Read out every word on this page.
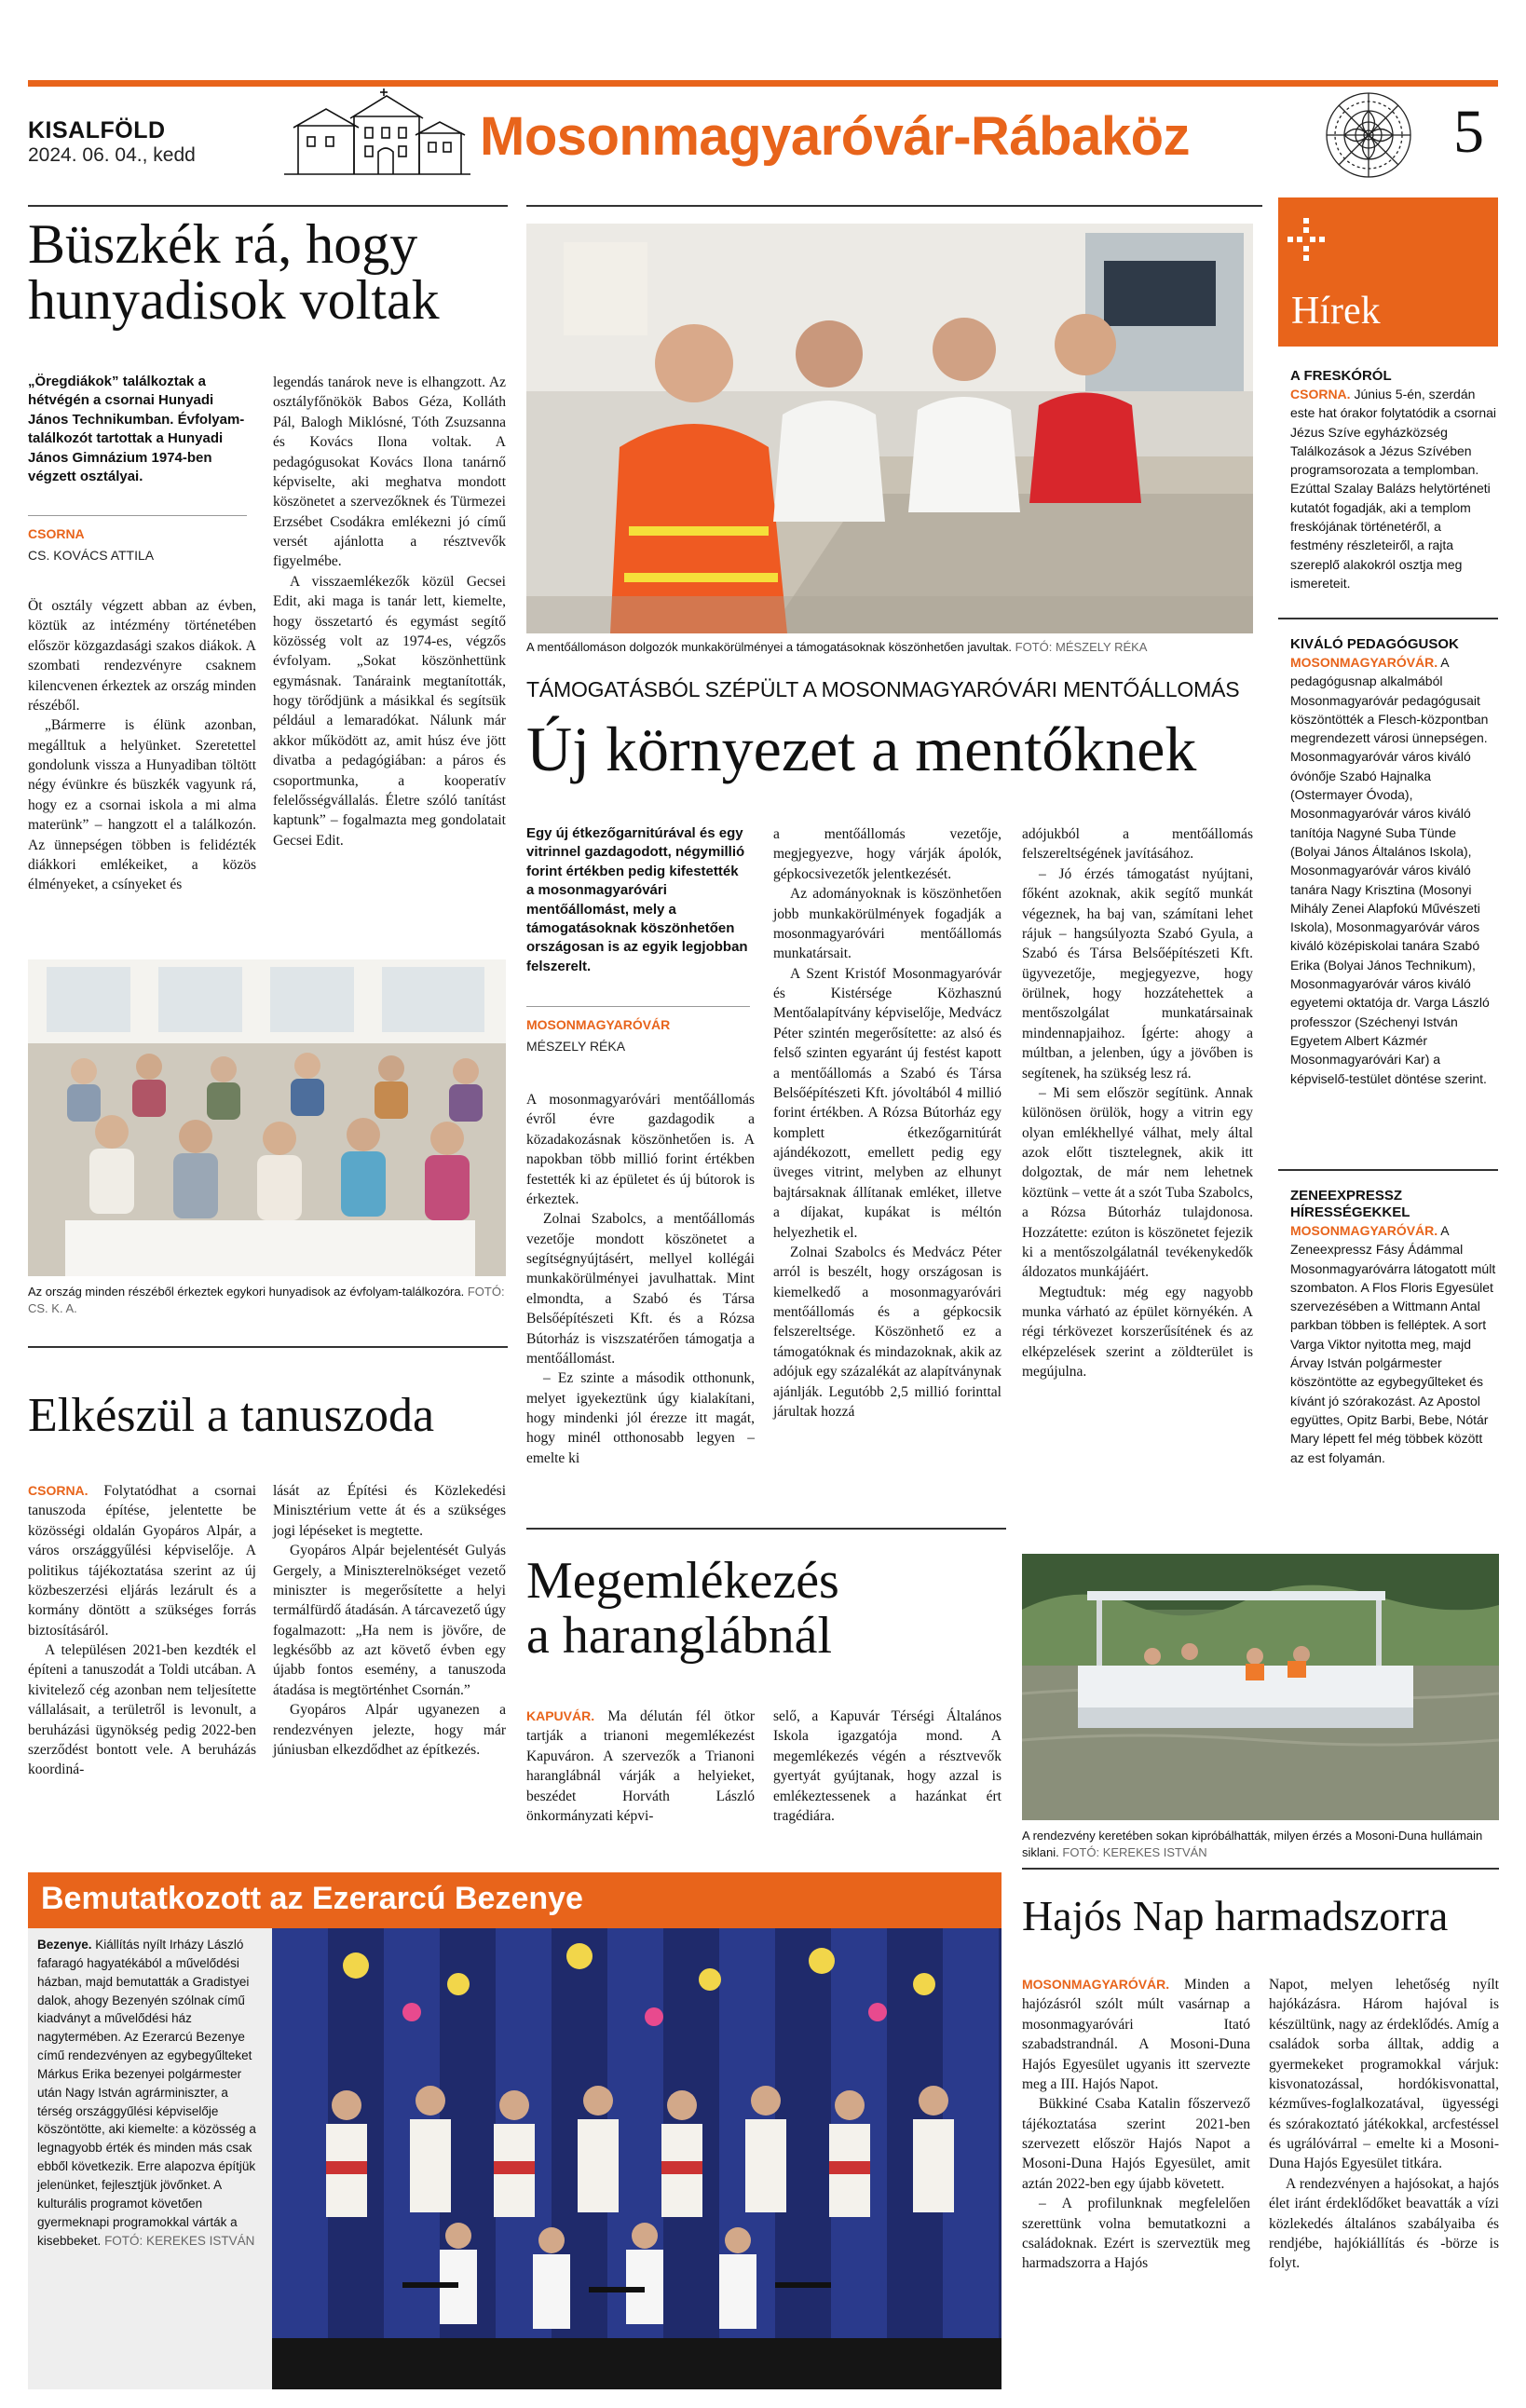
KISALFÖLD
2024. 06. 04., kedd	Mosonmagyaróvár-Rábaköz	5
Büszkék rá, hogy hunyadisok voltak
„Öregdiákok” találkoztak a hétvégén a csornai Hunyadi János Technikumban. Évfolyam-találkozót tartottak a Hunyadi János Gimnázium 1974-ben végzett osztályai.
CSORNA
CS. KOVÁCS ATTILA

Öt osztály végzett abban az évben, köztük az intézmény történetében először közgazdasági szakos diákok. A szombati rendezvényre csaknem kilencvenen érkeztek az ország minden részéből.

„Bármerre is élünk azonban, megálltuk a helyünket. Szeretettel gondolunk vissza a Hunyadiban töltött négy évünkre és büszkék vagyunk rá, hogy ez a csornai iskola a mi alma materünk” – hangzott el a találkozón. Az ünnepségen többen is felidézték diákkori emlékeiket, a közös élményeket, a csínyeket és

legendás tanárok neve is elhangzott. Az osztályfőnökök Babos Géza, Kolláth Pál, Balogh Miklósné, Tóth Zsuzsanna és Kovács Ilona voltak. A pedagógusokat Kovács Ilona tanárnő képviselte, aki meghatva mondott köszönetet a szervezőknek és Türmezei Erzsébet Csodákra emlékezni jó című versét ajánlotta a résztvevők figyelmébe.

A visszaemlékezők közül Gecsei Edit, aki maga is tanár lett, kiemelte, hogy összetartó és egymást segítő közösség volt az 1974-es, végzős évfolyam. „Sokat köszönhettünk egymásnak. Tanáraink megtanították, hogy törődjünk a másikkal és segítsük például a lemaradókat. Nálunk már akkor működött az, amit húsz éve jött divatba a pedagógiában: a páros és csoportmunka, a kooperatív felelősségvállalás. Életre szóló tanítást kaptunk” – fogalmazta meg gondolatait Gecsei Edit.

Az ország minden részéből érkeztek egykori hunyadisok az évfolyam-találkozóra. FOTÓ: CS. K. A.
Elkészül a tanuszoda

CSORNA. Folytatódhat a csornai tanuszoda építése, jelentette be közösségi oldalán Gyopáros Alpár, a város országgyűlési képviselője. A politikus tájékoztatása szerint az új közbeszerzési eljárás lezárult és a kormány döntött a szükséges forrás biztosításáról.

A településen 2021-ben kezdték el építeni a tanuszodát a Toldi utcában. A kivitelező cég azonban nem teljesítette vállalásait, a területről is levonult, a beruházási ügynökség pedig 2022-ben szerződést bontott vele. A beruházás koordiná-

lását az Építési és Közlekedési Minisztérium vette át és a szükséges jogi lépéseket is megtette.

Gyopáros Alpár bejelentését Gulyás Gergely, a Miniszterelnökséget vezető miniszter is megerősítette a helyi termálfürdő átadásán. A tárcavezető úgy fogalmazott: „Ha nem is jövőre, de legkésőbb az azt követő évben egy újabb fontos esemény, a tanuszoda átadása is megtörténhet Csornán.”

Gyopáros Alpár ugyanezen a rendezvényen jelezte, hogy már júniusban elkezdődhet az építkezés.

A mentőállomáson dolgozók munkakörülményei a támogatásoknak köszönhetően javultak. FOTÓ: MÉSZELY RÉKA
TÁMOGATÁSBÓL SZÉPÜLT A MOSONMAGYARÓVÁRI MENTŐÁLLOMÁS
Új környezet a mentőknek
Egy új étkezőgarnitúrával és egy vitrinnel gazdagodott, négymillió forint értékben pedig kifestették a mosonmagyaróvári mentőállomást, mely a támogatásoknak köszönhetően országosan is az egyik legjobban felszerelt.
MOSONMAGYARÓVÁR
MÉSZELY RÉKA

A mosonmagyaróvári mentőállomás évről évre gazdagodik a közadakozásnak köszönhetően is. A napokban több millió forint értékben festették ki az épületet és új bútorok is érkeztek.

Zolnai Szabolcs, a mentőállomás vezetője mondott köszönetet a segítségnyújtásért, mellyel kollégái munkakörülményei javulhattak. Mint elmondta, a Szabó és Társa Belsőépítészeti Kft. és a Rózsa Bútorház is viszszatérően támogatja a mentőállomást.

– Ez szinte a második otthonunk, melyet igyekeztünk úgy kialakítani, hogy mindenki jól érezze itt magát, hogy minél otthonosabb legyen – emelte ki

a mentőállomás vezetője, megjegyezve, hogy várják ápolók, gépkocsivezetők jelentkezését.

Az adományoknak is köszönhetően jobb munkakörülmények fogadják a mosonmagyaróvári mentőállomás munkatársait.

A Szent Kristóf Mosonmagyaróvár és Kistérsége Közhasznú Mentőalapítvány képviselője, Medvácz Péter szintén megerősítette: az alsó és felső szinten egyaránt új festést kapott a mentőállomás a Szabó és Társa Belsőépítészeti Kft. jóvoltából 4 millió forint értékben. A Rózsa Bútorház egy komplett étkezőgarnitúrát ajándékozott, emellett pedig egy üveges vitrint, melyben az elhunyt bajtársaknak állítanak emléket, illetve a díjakat, kupákat is méltón helyezhetik el.

Zolnai Szabolcs és Medvácz Péter arról is beszélt, hogy országosan is kiemelkedő a mosonmagyaróvári mentőállomás és a gépkocsik felszereltsége. Köszönhető ez a támogatóknak és mindazoknak, akik az adójuk egy százalékát az alapítványnak ajánlják. Legutóbb 2,5 millió forinttal járultak hozzá

adójukból a mentőállomás felszereltségének javításához.

– Jó érzés támogatást nyújtani, főként azoknak, akik segítő munkát végeznek, ha baj van, számítani lehet rájuk – hangsúlyozta Szabó Gyula, a Szabó és Társa Belsőépítészeti Kft. ügyvezetője, megjegyezve, hogy örülnek, hogy hozzátehettek a mentőszolgálat munkatársainak mindennapjaihoz. Ígérte: ahogy a múltban, a jelenben, úgy a jövőben is segítenek, ha szükség lesz rá.

– Mi sem először segítünk. Annak különösen örülök, hogy a vitrin egy olyan emlékhellyé válhat, mely által azok előtt tisztelegnek, akik itt dolgoztak, de már nem lehetnek köztünk – vette át a szót Tuba Szabolcs, a Rózsa Bútorház tulajdonosa. Hozzátette: ezúton is köszönetet fejezik ki a mentőszolgálatnál tevékenykedők áldozatos munkájáért.

Megtudtuk: még egy nagyobb munka várható az épület környékén. A régi térkövezet korszerűsítének és az elképzelések szerint a zöldterület is megújulna.

Megemlékezés
a haranglábnál

KAPUVÁR. Ma délután fél ötkor tartják a trianoni megemlékezést Kapuváron. A szervezők a Trianoni haranglábnál várják a helyieket, beszédet Horváth László önkormányzati képvi-

selő, a Kapuvár Térségi Általános Iskola igazgatója mond. A megemlékezés végén a résztvevők gyertyát gyújtanak, hogy azzal is emlékeztessenek a hazánkat ért tragédiára.

A rendezvény keretében sokan kipróbálhatták, milyen érzés a Mosoni-Duna hullámain siklani. FOTÓ: KEREKES ISTVÁN
Hajós Nap harmadszorra

MOSONMAGYARÓVÁR. Minden a hajózásról szólt múlt vasárnap a mosonmagyaróvári Itató szabadstrandnál. A Mosoni-Duna Hajós Egyesület ugyanis itt szervezte meg a III. Hajós Napot.

Bükkiné Csaba Katalin főszervező tájékoztatása szerint 2021-ben szervezett először Hajós Napot a Mosoni-Duna Hajós Egyesület, amit aztán 2022-ben egy újabb követett.

– A profilunknak megfelelően szerettünk volna bemutatkozni a családoknak. Ezért is szerveztük meg harmadszorra a Hajós

Napot, melyen lehetőség nyílt hajókázásra. Három hajóval is készültünk, nagy az érdeklődés. Amíg a családok sorba álltak, addig a gyermekeket programokkal várjuk: kisvonatozással, hordókisvonattal, kézműves-foglalkozatával, ügyességi és szórakoztató játékokkal, arcfestéssel és ugrálóvárral – emelte ki a Mosoni-Duna Hajós Egyesület titkára.

A rendezvényen a hajósokat, a hajós élet iránt érdeklődőket beavatták a vízi közlekedés általános szabályaiba és rendjébe, hajókiállítás és -börze is folyt.

Bemutatkozott az Ezerarcú Bezenye
Bezenye. Kiállítás nyílt Irházy László fafaragó hagyatékából a művelődési házban, majd bemutatták a Gradistyei dalok, ahogy Bezenyén szólnak című kiadványt a művelődési ház nagytermében. Az Ezerarcú Bezenye című rendezvényen az egybegyűlteket Márkus Erika bezenyei polgármester után Nagy István agrárminiszter, a térség országgyűlési képviselője köszöntötte, aki kiemelte: a közösség a legnagyobb érték és minden más csak ebből következik. Erre alapozva építjük jelenünket, fejlesztjük jövőnket. A kulturális programot követően gyermeknapi programokkal várták a kisebbeket. FOTÓ: KEREKES ISTVÁN
Hírek
A FRESKÓRÓL

CSORNA. Június 5-én, szerdán este hat órakor folytatódik a csornai Jézus Szíve egyházközség Találkozások a Jézus Szívében programsorozata a templomban. Ezúttal Szalay Balázs helytörténeti kutatót fogadják, aki a templom freskójának történetéről, a festmény részleteiről, a rajta szereplő alakokról osztja meg ismereteit.

KIVÁLÓ PEDAGÓGUSOK

MOSONMAGYARÓVÁR. A pedagógusnap alkalmából Mosonmagyaróvár pedagógusait köszöntötték a Flesch-központban megrendezett városi ünnepségen. Mosonmagyaróvár város kiváló óvónője Szabó Hajnalka (Ostermayer Óvoda), Mosonmagyaróvár város kiváló tanítója Nagyné Suba Tünde (Bolyai János Általános Iskola), Mosonmagyaróvár város kiváló tanára Nagy Krisztina (Mosonyi Mihály Zenei Alapfokú Művészeti Iskola), Mosonmagyaróvár város kiváló középiskolai tanára Szabó Erika (Bolyai János Technikum), Mosonmagyaróvár város kiváló egyetemi oktatója dr. Varga László professzor (Széchenyi István Egyetem Albert Kázmér Mosonmagyaróvári Kar) a képviselő-testület döntése szerint.

ZENEEXPRESSZ HÍRESSÉGEKKEL

MOSONMAGYARÓVÁR. A Zeneexpressz Fásy Ádámmal Mosonmagyaróvárra látogatott múlt szombaton. A Flos Floris Egyesület szervezésében a Wittmann Antal parkban többen is felléptek. A sort Varga Viktor nyitotta meg, majd Árvay István polgármester köszöntötte az egybegyűlteket és kívánt jó szórakozást. Az Apostol együttes, Opitz Barbi, Bebe, Nótár Mary lépett fel még többek között az est folyamán.
